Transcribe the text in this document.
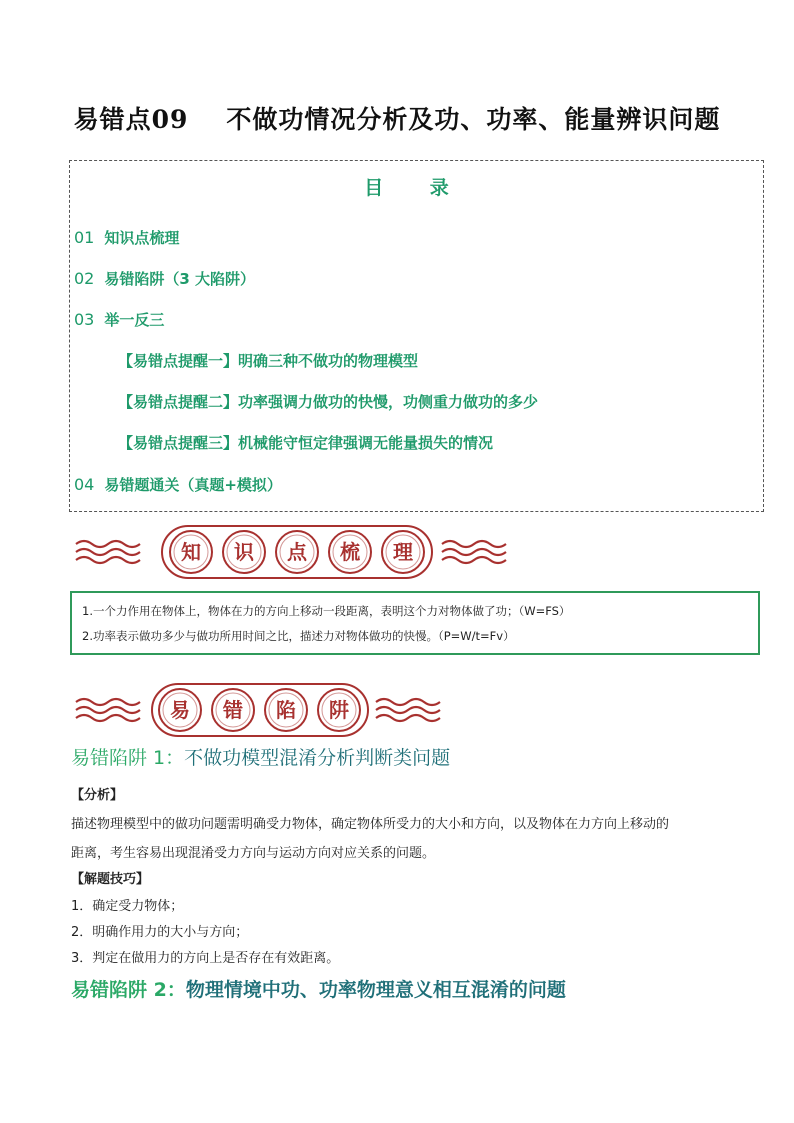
易错点09 不做功情况分析及功、功率、能量辨识问题
目 录
01 知识点梳理
02 易错陷阱（3 大陷阱）
03 举一反三
【易错点提醒一】明确三种不做功的物理模型
【易错点提醒二】功率强调力做功的快慢，功侧重力做功的多少
【易错点提醒三】机械能守恒定律强调无能量损失的情况
04 易错题通关（真题+模拟）
知 识 点 梳 理
1.一个力作用在物体上，物体在力的方向上移动一段距离，表明这个力对物体做了功；（W=FS）
2.功率表示做功多少与做功所用时间之比，描述力对物体做功的快慢。（P=W/t=Fv）
易 错 陷 阱
易错陷阱 1：不做功模型混淆分析判断类问题
【分析】
描述物理模型中的做功问题需明确受力物体，确定物体所受力的大小和方向，以及物体在力方向上移动的
距离，考生容易出现混淆受力方向与运动方向对应关系的问题。
【解题技巧】
1．确定受力物体；
2．明确作用力的大小与方向；
3．判定在做用力的方向上是否存在有效距离。
易错陷阱 2：物理情境中功、功率物理意义相互混淆的问题
